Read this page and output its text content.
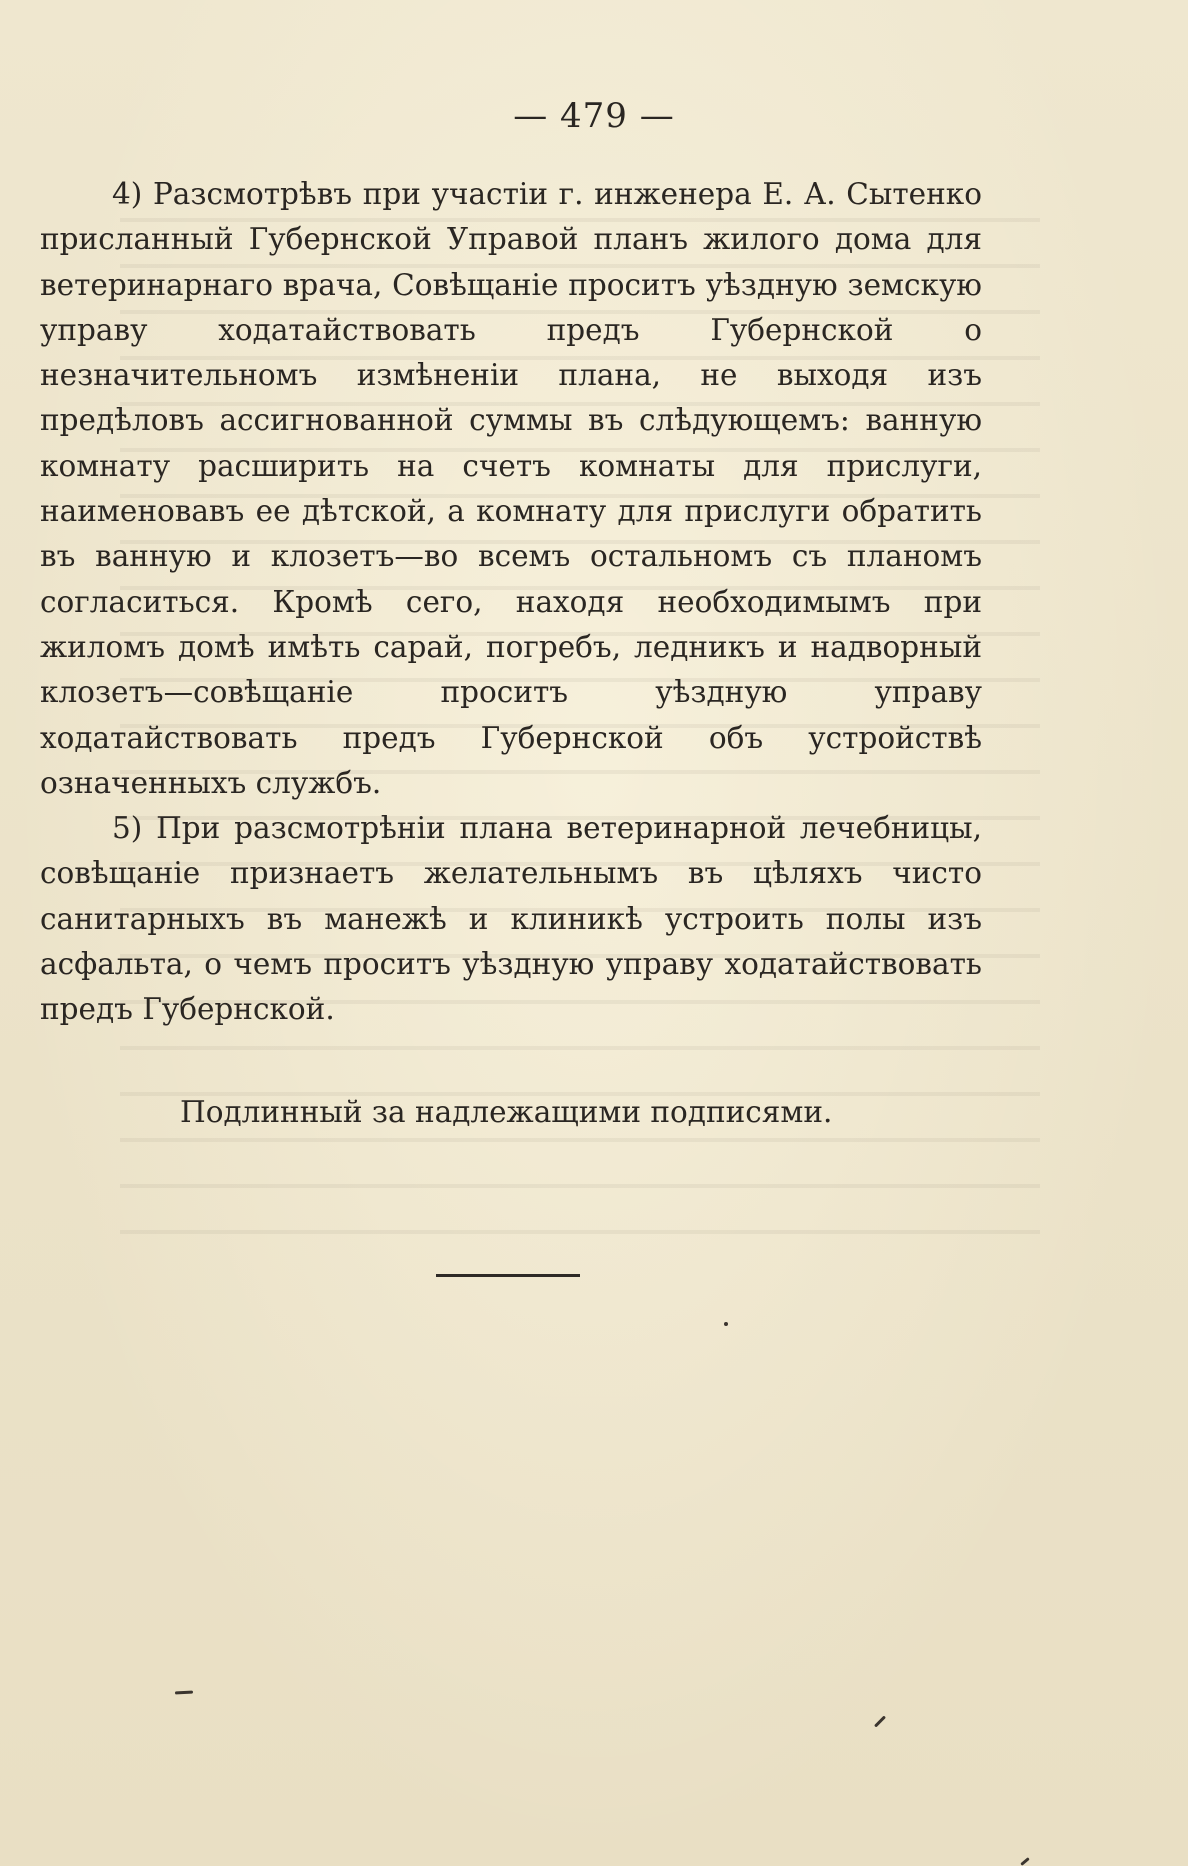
— 479 —

4) Разсмотрѣвъ при участіи г. инженера Е. А. Сытенко присланный Губернской Управой планъ жилого дома для ветеринарнаго врача, Совѣщаніе проситъ уѣздную земскую управу ходатайствовать предъ Губернской о незначительномъ измѣненіи плана, не выходя изъ предѣловъ ассигнованной суммы въ слѣдующемъ: ванную комнату расширить на счетъ комнаты для прислуги, наименовавъ ее дѣтской, а комнату для прислуги обратить въ ванную и клозетъ—во всемъ остальномъ съ планомъ согласиться. Кромѣ сего, находя необходимымъ при жиломъ домѣ имѣть сарай, погребъ, ледникъ и надворный клозетъ—совѣщаніе проситъ уѣздную управу ходатайствовать предъ Губернской объ устройствѣ означенныхъ службъ.

5) При разсмотрѣніи плана ветеринарной лечебницы, совѣщаніе признаетъ желательнымъ въ цѣляхъ чисто санитарныхъ въ манежѣ и клиникѣ устроить полы изъ асфальта, о чемъ проситъ уѣздную управу ходатайствовать предъ Губернской.

Подлинный за надлежащими подписями.
